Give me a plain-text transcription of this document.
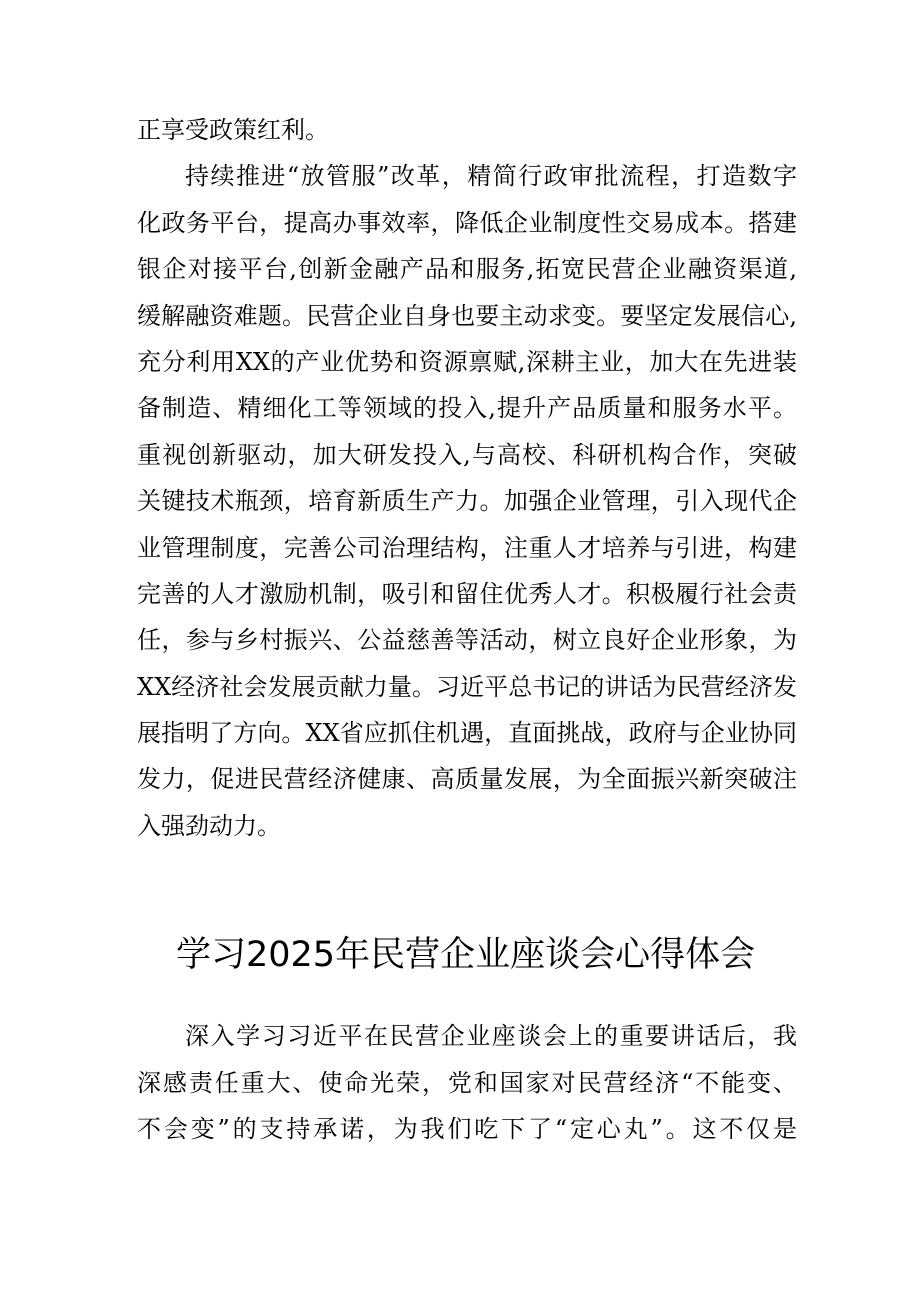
正享受政策红利。
持续推进“放管服”改革，精简行政审批流程，打造数字
化政务平台，提高办事效率，降低企业制度性交易成本。搭建
银企对接平台,创新金融产品和服务,拓宽民营企业融资渠道,
缓解融资难题。民营企业自身也要主动求变。要坚定发展信心,
充分利用XX的产业优势和资源禀赋,深耕主业，加大在先进装
备制造、精细化工等领域的投入,提升产品质量和服务水平。
重视创新驱动，加大研发投入,与高校、科研机构合作，突破
关键技术瓶颈，培育新质生产力。加强企业管理，引入现代企
业管理制度，完善公司治理结构，注重人才培养与引进，构建
完善的人才激励机制，吸引和留住优秀人才。积极履行社会责
任，参与乡村振兴、公益慈善等活动，树立良好企业形象，为
XX经济社会发展贡献力量。习近平总书记的讲话为民营经济发
展指明了方向。XX省应抓住机遇，直面挑战，政府与企业协同
发力，促进民营经济健康、高质量发展，为全面振兴新突破注
入强劲动力。
学习2025年民营企业座谈会心得体会
深入学习习近平在民营企业座谈会上的重要讲话后，我
深感责任重大、使命光荣，党和国家对民营经济“不能变、
不会变”的支持承诺，为我们吃下了“定心丸”。这不仅是
